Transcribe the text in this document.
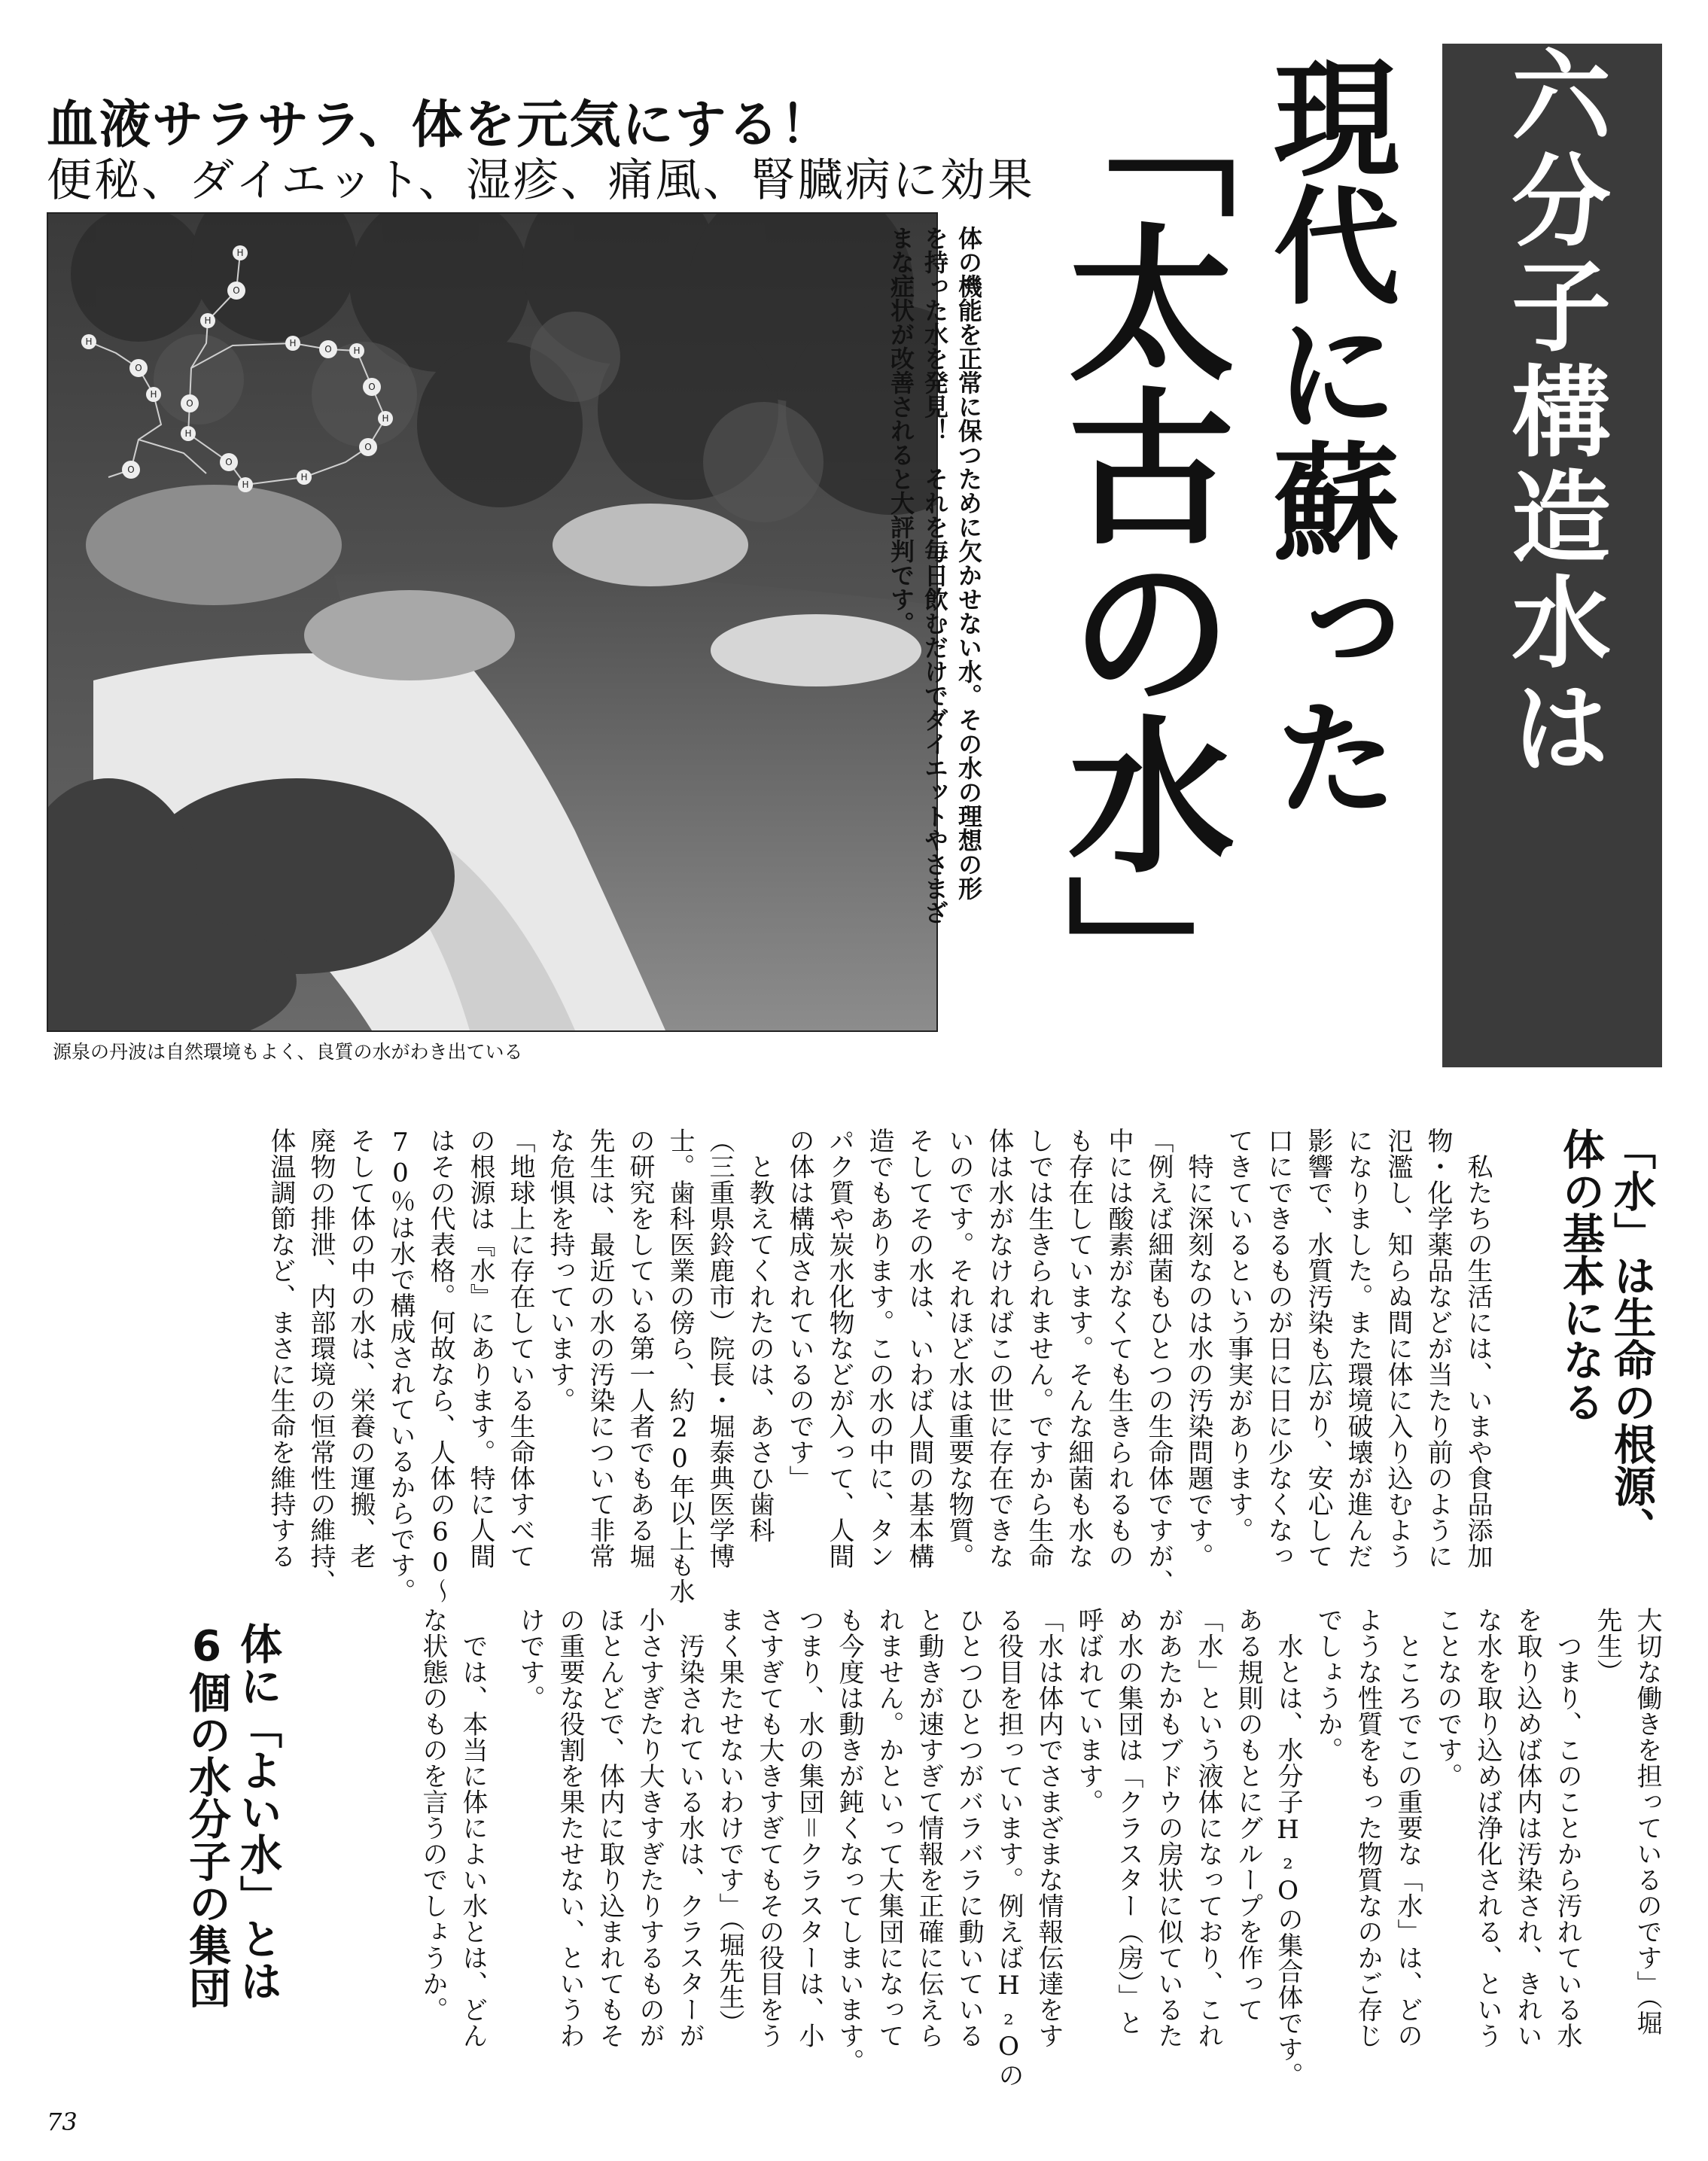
血液サラサラ、体を元気にする！
便秘、ダイエット、湿疹、痛風、腎臓病に効果
H
O
H
H
O
H
H
O H
O
H
O
O
H
O
H
O
H
源泉の丹波は自然環境もよく、良質の水がわき出ている
体の機能を正常に保つために欠かせない水。その水の理想の形
を持った水を発見！　それを毎日飲むだけでダイエットやさまざ
まな症状が改善されると大評判です。	六分子構造水は
現代に蘇った
「太古の水」
「水」は生命の根源、
体の基本になる
　私たちの生活には、いまや食品添加
物・化学薬品などが当たり前のように
氾濫し、知らぬ間に体に入り込むよう
になりました。また環境破壊が進んだ
影響で、水質汚染も広がり、安心して
口にできるものが日に日に少なくなっ
てきているという事実があります。
　特に深刻なのは水の汚染問題です。
「例えば細菌もひとつの生命体ですが、
中には酸素がなくても生きられるもの
も存在しています。そんな細菌も水な
しでは生きられません。ですから生命
体は水がなければこの世に存在できな
いのです。それほど水は重要な物質。
そしてその水は、いわば人間の基本構
造でもあります。この水の中に、タン
パク質や炭水化物などが入って、人間
の体は構成されているのです」
　と教えてくれたのは、あさひ歯科
（三重県鈴鹿市）院長・堀泰典医学博
士。歯科医業の傍ら、約20年以上も水
の研究をしている第一人者でもある堀
先生は、最近の水の汚染について非常
な危惧を持っています。
「地球上に存在している生命体すべて
の根源は『水』にあります。特に人間
はその代表格。何故なら、人体の60～
70％は水で構成されているからです。
そして体の中の水は、栄養の運搬、老
廃物の排泄、内部環境の恒常性の維持、
体温調節など、まさに生命を維持する
大切な働きを担っているのです」（堀
先生）
　つまり、このことから汚れている水
を取り込めば体内は汚染され、きれい
な水を取り込めば浄化される、という
ことなのです。
　ところでこの重要な「水」は、どの
ような性質をもった物質なのかご存じ
でしょうか。
　水とは、水分子H₂Oの集合体です。
ある規則のもとにグループを作って
「水」という液体になっており、これ
があたかもブドウの房状に似ているた
め水の集団は「クラスター（房）」と
呼ばれています。
「水は体内でさまざまな情報伝達をす
る役目を担っています。例えばH₂Oの
ひとつひとつがバラバラに動いている
と動きが速すぎて情報を正確に伝えら
れません。かといって大集団になって
も今度は動きが鈍くなってしまいます。
つまり、水の集団＝クラスターは、小
さすぎても大きすぎてもその役目をう
まく果たせないわけです」（堀先生）
　汚染されている水は、クラスターが
小さすぎたり大きすぎたりするものが
ほとんどで、体内に取り込まれてもそ
の重要な役割を果たせない、というわ
けです。
体に「よい水」とは
6個の水分子の集団	　では、本当に体によい水とは、どん
な状態のものを言うのでしょうか。
73
